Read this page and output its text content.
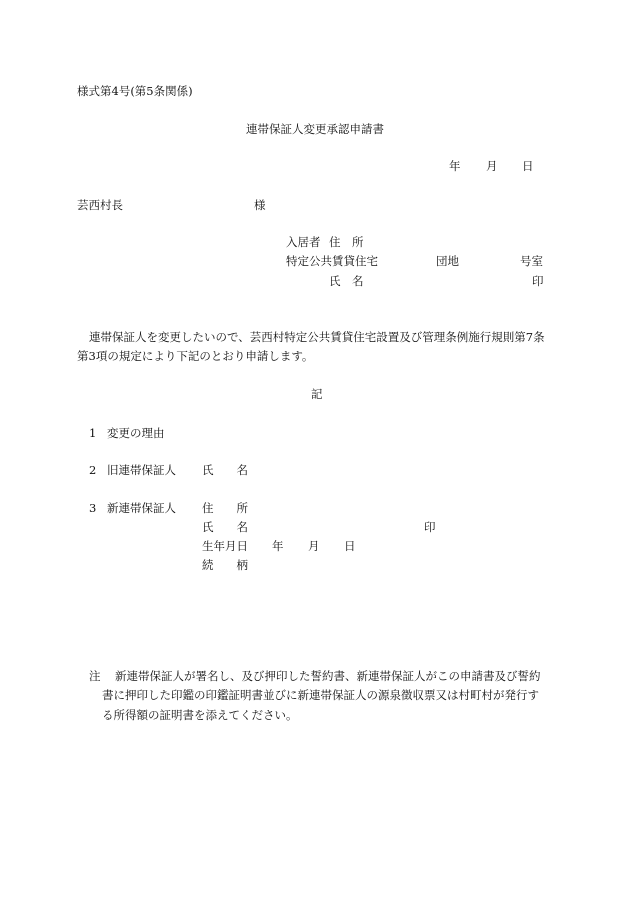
様式第4号(第5条関係)
連帯保証人変更承認申請書
年 月 日
芸西村長	様
入居者 住　所
特定公共賃貸住宅	団地	号室
氏　名	印
連帯保証人を変更したいので、芸西村特定公共賃貸住宅設置及び管理条例施行規則第7条
第3項の規定により下記のとおり申請します。
記
1 変更の理由
2 旧連帯保証人 氏　　名
3 新連帯保証人 住　　所
氏　　名	印
生年月日 年 月 日
続　　柄
注 新連帯保証人が署名し、及び押印した誓約書、新連帯保証人がこの申請書及び誓約
書に押印した印鑑の印鑑証明書並びに新連帯保証人の源泉徴収票又は村町村が発行す
る所得額の証明書を添えてください。
